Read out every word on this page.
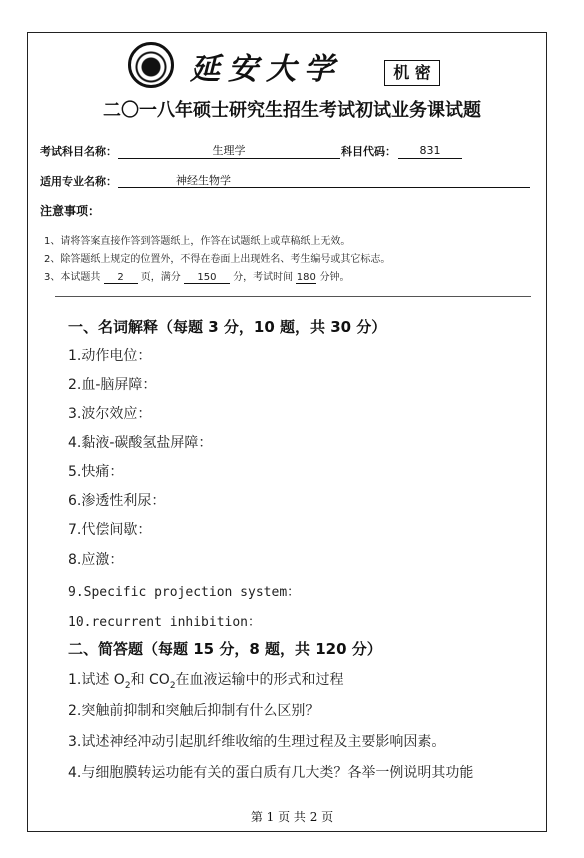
延安大学	机 密
二〇一八年硕士研究生招生考试初试业务课试题
考试科目名称：	生理学	科目代码：	831
适用专业名称：	神经生物学
注意事项：
1、请将答案直接作答到答题纸上，作答在试题纸上或草稿纸上无效。
2、除答题纸上规定的位置外，不得在卷面上出现姓名、考生编号或其它标志。
3、本试题共 2 页，满分 150 分，考试时间 180 分钟。
一、名词解释（每题 3 分，10 题，共 30 分）
1.动作电位：
2.血-脑屏障：
3.波尔效应：
4.黏液-碳酸氢盐屏障：
5.快痛：
6.渗透性利尿：
7.代偿间歇：
8.应激：
9.Specific projection system：
10.recurrent inhibition：
二、简答题（每题 15 分，8 题，共 120 分）
1.试述 $O_2$和 $CO_2$在血液运输中的形式和过程
2.突触前抑制和突触后抑制有什么区别？
3.试述神经冲动引起肌纤维收缩的生理过程及主要影响因素。
4.与细胞膜转运功能有关的蛋白质有几大类？各举一例说明其功能
第 1 页 共 2 页
